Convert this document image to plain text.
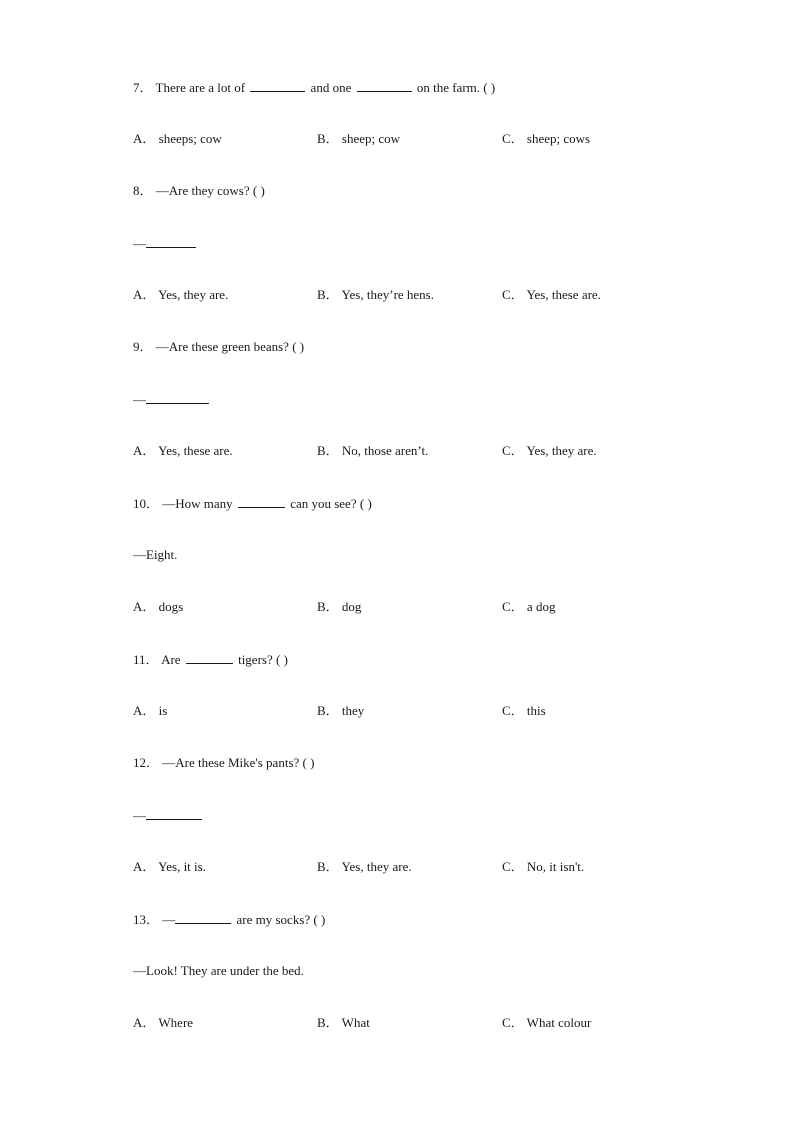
7． There are a lot of	and one	on the farm. ( )
A． sheeps; cow	B． sheep; cow	C． sheep; cows
8． —Are they cows? ( )
—
A． Yes, they are.	B． Yes, they’re hens.	C． Yes, these are.
9． —Are these green beans? ( )
—
A． Yes, these are.	B． No, those aren’t.	C． Yes, they are.
10． —How many	can you see? ( )
—Eight.
A． dogs	B． dog	C． a dog
11． Are	tigers? ( )
A． is	B． they	C． this
12． —Are these Mike's pants? ( )
—
A． Yes, it is.	B． Yes, they are.	C． No, it isn't.
13． —	are my socks? ( )
—Look! They are under the bed.
A． Where	B． What	C． What colour
